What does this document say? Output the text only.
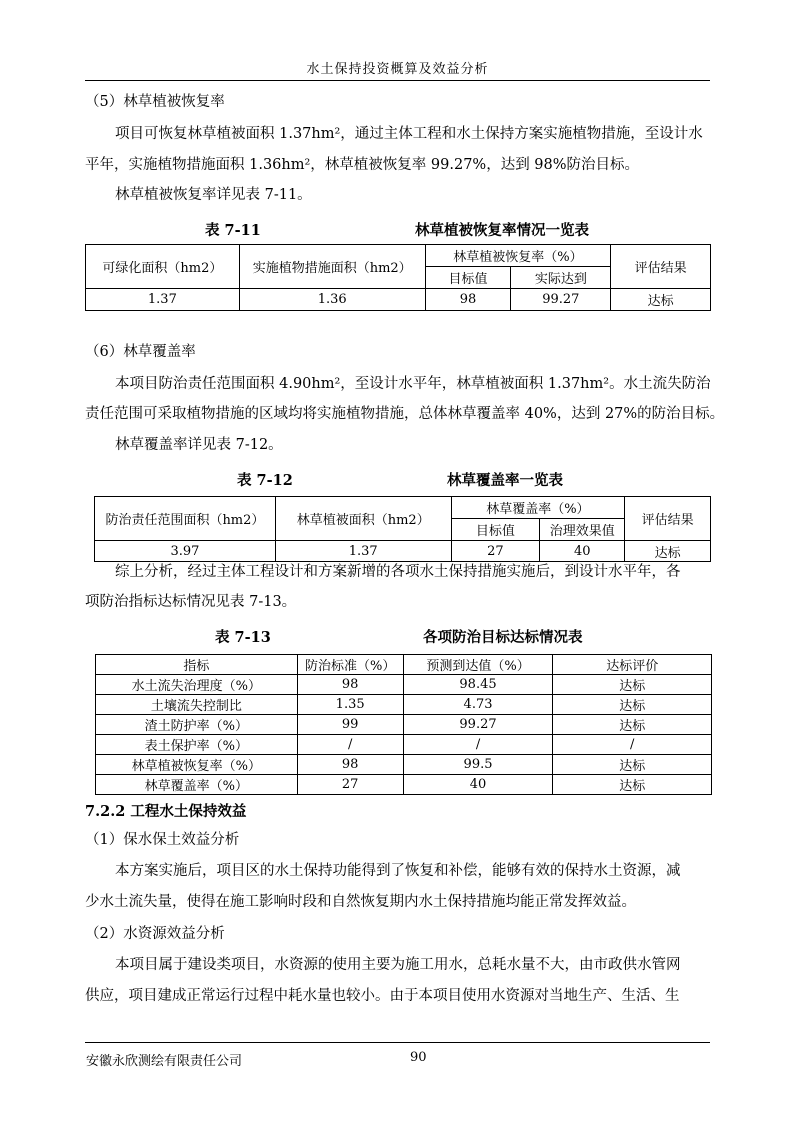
水土保持投资概算及效益分析
（5）林草植被恢复率
项目可恢复林草植被面积 1.37hm²，通过主体工程和水土保持方案实施植物措施，至设计水
平年，实施植物措施面积 1.36hm²，林草植被恢复率 99.27%，达到 98%防治目标。
林草植被恢复率详见表 7-11。
表 7-11	林草植被恢复率情况一览表
可绿化面积（hm2）	实施植物措施面积（hm2）	林草植被恢复率（%）		评估结果
		目标值	实际达到	
1.37	1.36	98	99.27	达标
（6）林草覆盖率
本项目防治责任范围面积 4.90hm²，至设计水平年，林草植被面积 1.37hm²。水土流失防治
责任范围可采取植物措施的区域均将实施植物措施，总体林草覆盖率 40%，达到 27%的防治目标。
林草覆盖率详见表 7-12。
表 7-12	林草覆盖率一览表
防治责任范围面积（hm2）	林草植被面积（hm2）	林草覆盖率（%）		评估结果
		目标值	治理效果值	
3.97	1.37	27	40	达标
综上分析，经过主体工程设计和方案新增的各项水土保持措施实施后，到设计水平年，各
项防治指标达标情况见表 7-13。
表 7-13	各项防治目标达标情况表
指标	防治标准（%）	预测到达值（%）	达标评价
水土流失治理度（%）	98	98.45	达标
土壤流失控制比	1.35	4.73	达标
渣土防护率（%）	99	99.27	达标
表土保护率（%）	/	/	/
林草植被恢复率（%）	98	99.5	达标
林草覆盖率（%）	27	40	达标
7.2.2 工程水土保持效益
（1）保水保土效益分析
本方案实施后，项目区的水土保持功能得到了恢复和补偿，能够有效的保持水土资源，减
少水土流失量，使得在施工影响时段和自然恢复期内水土保持措施均能正常发挥效益。
（2）水资源效益分析
本项目属于建设类项目，水资源的使用主要为施工用水，总耗水量不大，由市政供水管网
供应，项目建成正常运行过程中耗水量也较小。由于本项目使用水资源对当地生产、生活、生
安徽永欣测绘有限责任公司	90
